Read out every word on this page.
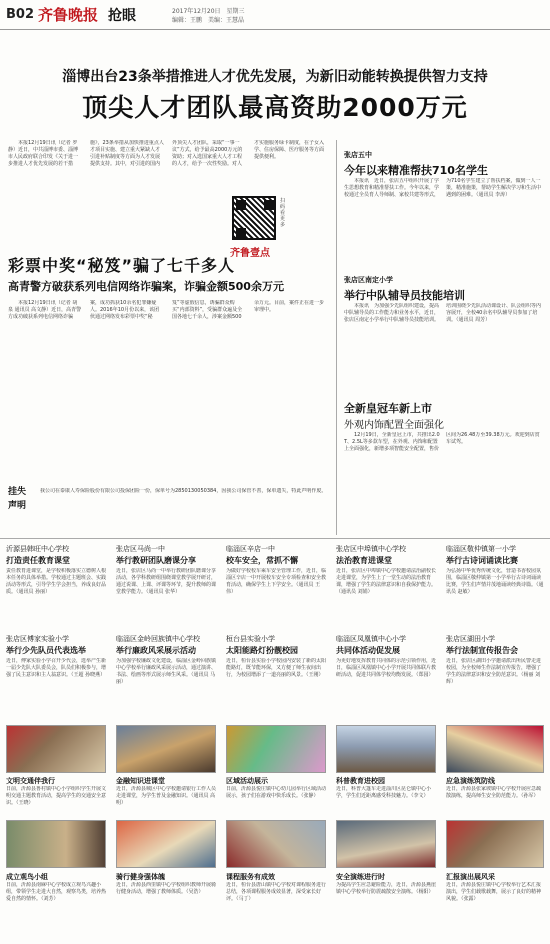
B02 齐鲁晚报 抢眼	2017年12月20日　星期三
编辑：王鹏　美编：王慧晶
淄博出台23条举措推进人才优先发展，为新旧动能转换提供智力支持
顶尖人才团队最高资助2000万元
本报12月19日讯（记者 罗静）近日，中共淄博市委、淄博市人民政府联合印发《关于进一步推进人才优先发展的若干措施》，23条举措从加快推进重点人才项目实施、建立重大紧缺人才引进补贴制度等方面为人才发展提供支持。其中，对引进的国内外顶尖人才团队，采取“一事一议”方式，给予最高2000万元的资助；对入选国家重大人才工程的人才，给予一次性奖励。对人才实施服务绿卡制度，在子女入学、住房保障、医疗服务等方面提供便利。
齐鲁壹点
扫码看更多
彩票中奖“秘笈”骗了七千多人
高青警方破获系列电信网络诈骗案，诈骗金额500余万元
本报12月19日讯（记者 胡泉 通讯员 高文静）近日，高青警方成功破获系列电信网络诈骗案，成功抓获10余名犯罪嫌疑人。2016年10月份以来，该团伙通过网络发布彩票中奖“秘笈”等虚假信息，诱骗群众购买“内部资料”，受骗群众遍及全国各地七千余人，涉案金额500余万元。目前，案件正在进一步审理中。
挂失声明
我公司在泰康人寿保险股份有限公司投保团险一份，保单号为2850130050384，因我公司保管不善，保单遗失，特此声明作废。
张店五中
今年以来精准帮扶710名学生
本报讯　近日，张店五中组织开展了学生思想教育和精准帮扶工作。今年以来，学校通过全员育人导师制、家校共建等形式，为710名学生建立了帮扶档案，做到一人一策，精准施策，帮助学生解决学习和生活中遇到的困难。（通讯员 李涛）
张店区南定小学
举行中队辅导员技能培训
本报讯　为加强少先队组织建设，提高中队辅导员的工作能力和业务水平，近日，张店区南定小学举行中队辅导员技能培训。培训围绕少先队活动课设计、队会组织等内容展开，全校40余名中队辅导员参加了培训。（通讯员 周芳）
全新皇冠车新上市
外观内饰配置全面强化
12月19日，全新皇冠上市，共推出2.0T、2.5L等多款车型，在外观、内饰和配置上全面强化，新增多项智能安全配置，售价区间为26.48万至39.38万元。欢迎到店赏车试驾。
沂源县韩旺中心学校
打造责任教育课堂
责任教育进课堂，是学校积极落实立德树人根本任务的具体举措。学校通过主题班会、实践活动等形式，引导学生学会担当，养成良好品质。（通讯员 孙丽）
张店区马尚一中
举行教研团队磨课分享
近日，张店区马尚一中举行教研团队磨课分享活动，各学科教研组围绕课堂教学展开研讨，通过说课、上课、评课等环节，提升教师的课堂教学能力。（通讯员 张华）
临淄区辛店一中
校车安全，常抓不懈
为做好学校校车乘车安全管理工作，近日，临淄区辛店一中开展校车安全专项检查和安全教育活动，确保学生上下学安全。（通讯员 王伟）
张店区中埠镇中心学校
法治教育进课堂
近日，张店区中埠镇中心学校邀请法治副校长走进课堂，为学生上了一堂生动的法治教育课，增强了学生的法律意识和自我保护能力。（通讯员 刘娟）
临淄区敬仲镇第一小学
举行古诗词诵读比赛
为弘扬中华优秀传统文化，营造书香校园氛围，临淄区敬仲镇第一小学举行古诗词诵读比赛，学生们声情并茂地诵读经典诗篇。（通讯员 赵敏）
张店区傅家实验小学
举行少先队员代表选举
近日，傅家实验小学召开少代会，选举产生新一届少先队大队委员会，队员们积极参与，增强了民主意识和主人翁意识。（王超 孙晓燕）
临淄区金岭回族镇中心学校
举行廉政风采展示活动
为加强学校廉政文化建设，临淄区金岭回族镇中心学校举行廉政风采展示活动，通过演讲、书法、绘画等形式展示师生风采。（通讯员 马丽）
桓台县实验小学
太阳能路灯扮靓校园
近日，桓台县实验小学校园内安装了新的太阳能路灯，既节能环保，又方便了师生夜间出行，为校园增添了一道亮丽的风景。（王刚）
临淄区凤凰镇中心小学
共同体活动促发展
为更好地发挥教育共同体的示范引领作用，近日，临淄区凤凰镇中心小学开展共同体联片教研活动，促进共同体学校均衡发展。（郑园）
张店区湖田小学
举行法制宣传报告会
近日，张店区湖田小学邀请派出所民警走进校园，为全校师生作法制宣传报告，增强了学生的法律意识和安全防范意识。（杨丽 刘辉）
文明交通伴我行
日前，沂源县鲁村镇中心小学组织学生开展文明交通主题教育活动，提高学生的交通安全意识。（王晓）
金融知识进课堂
近日，沂源县城区中心学校邀请银行工作人员走进课堂，为学生普及金融知识。（通讯员 高明）
区域活动展示
日前，沂源县悦庄镇中心幼儿园举行区域活动展示，孩子们在游戏中快乐成长。（张静）
科普教育进校园
近日，科普大篷车走进淄川区昆仑镇中心小学，学生们近距离感受科技魅力。（李文）
应急演练筑防线
近日，沂源县张家坡镇中心学校开展应急疏散演练，提高师生安全防范能力。（孙军）
成立观鸟小组
日前，沂源县南麻中心学校成立观鸟兴趣小组，带领学生走进大自然，观察鸟类，培养热爱自然的情怀。（刘芳）
骑行健身强体魄
近日，沂源县西里镇中心学校组织教师开展骑行健身活动，增强了教师体质。（吴浩）
课程服务有成效
近日，桓台县唐山镇中心学校对课程服务进行总结，各项课程服务成效显著，深受家长好评。（马丁）
安全演练进行时
为提高学生应急避险能力，近日，沂源县燕崖镇中心学校举行防震疏散安全演练。（杨阳）
汇报演出展风采
近日，沂源县悦庄镇中心学校举行艺术汇报演出，学生们载歌载舞，展示了良好的精神风貌。（张露）
